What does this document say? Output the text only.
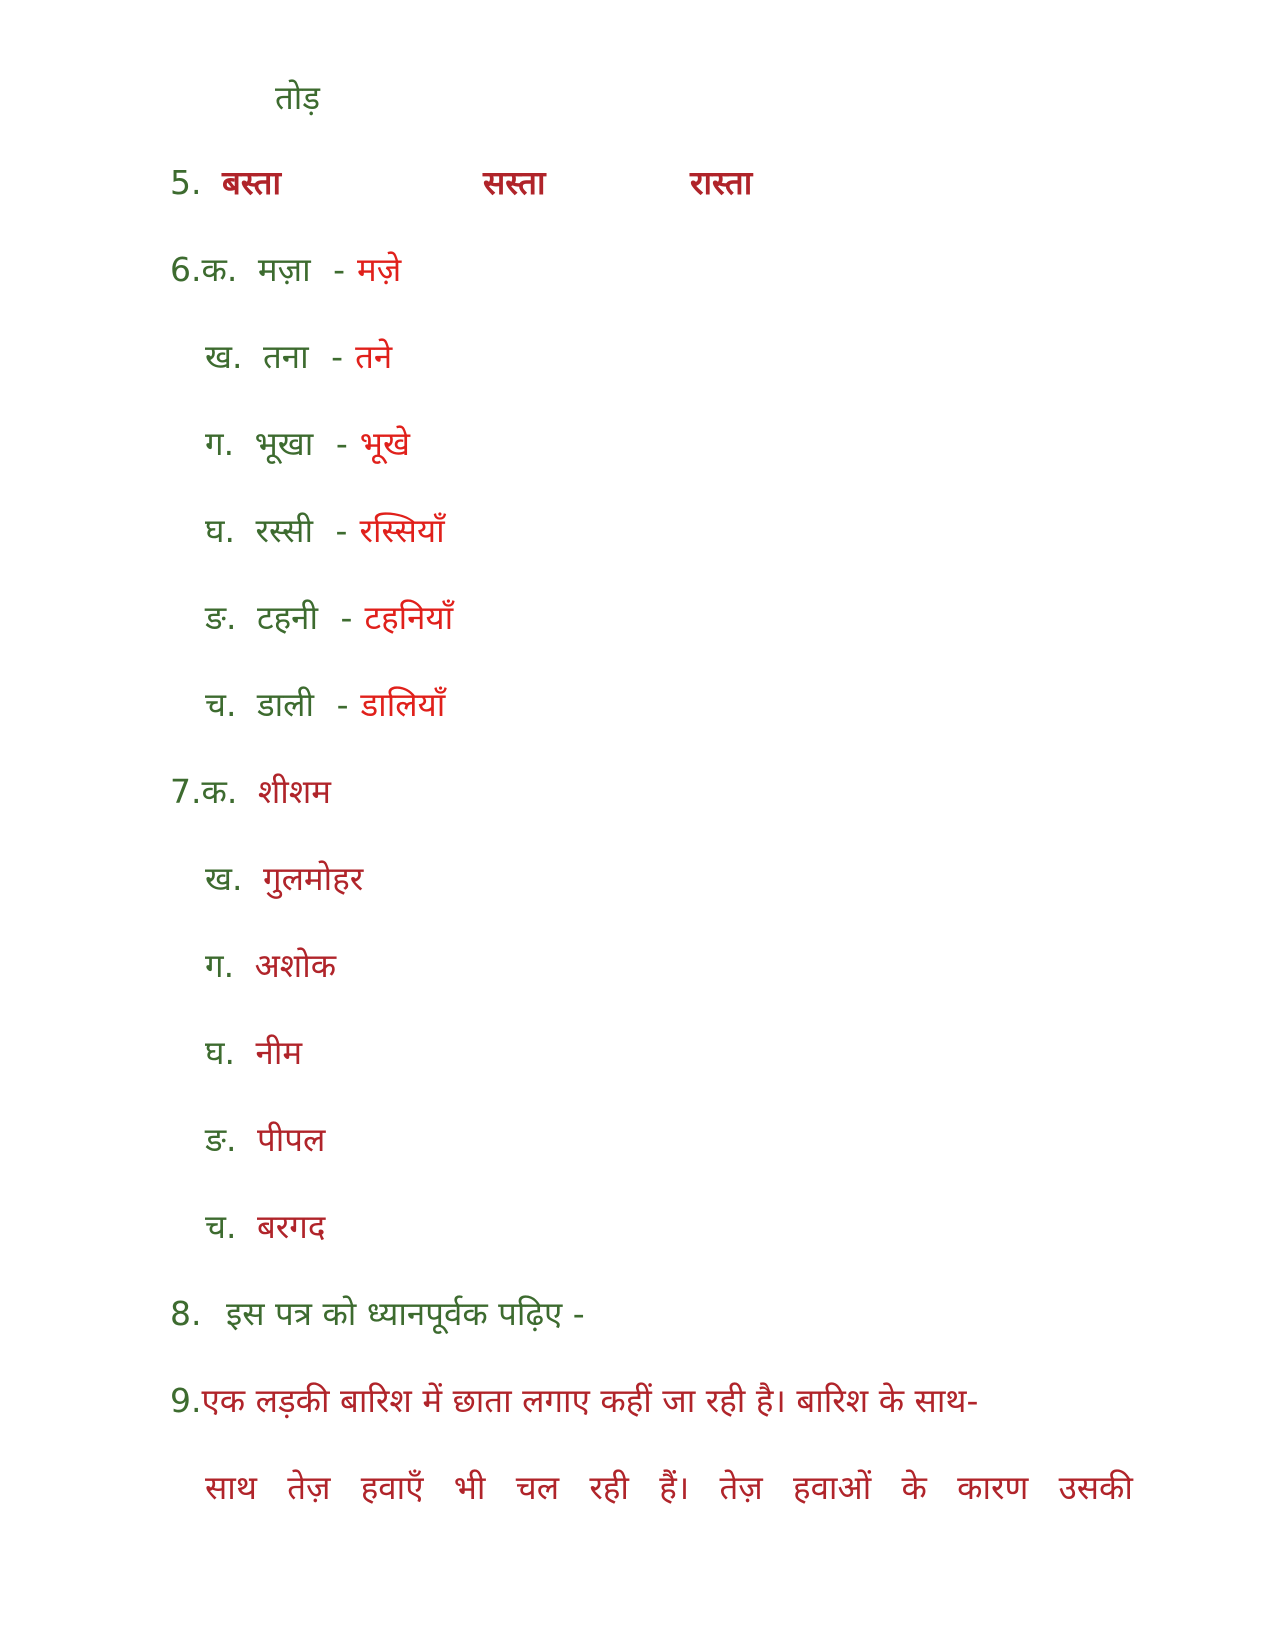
तोड़
5. बस्ता	सस्ता	रास्ता
6.क. मज़ा - मज़े
ख. तना - तने
ग. भूखा - भूखे
घ. रस्सी - रस्सियाँ
ङ. टहनी - टहनियाँ
च. डाली - डालियाँ
7.क. शीशम
ख. गुलमोहर
ग. अशोक
घ. नीम
ङ. पीपल
च. बरगद
8. इस पत्र को ध्यानपूर्वक पढ़िए -
9.एक लड़की बारिश में छाता लगाए कहीं जा रही है। बारिश के साथ-
साथ तेज़ हवाएँ भी चल रही हैं। तेज़ हवाओं के कारण उसकी
